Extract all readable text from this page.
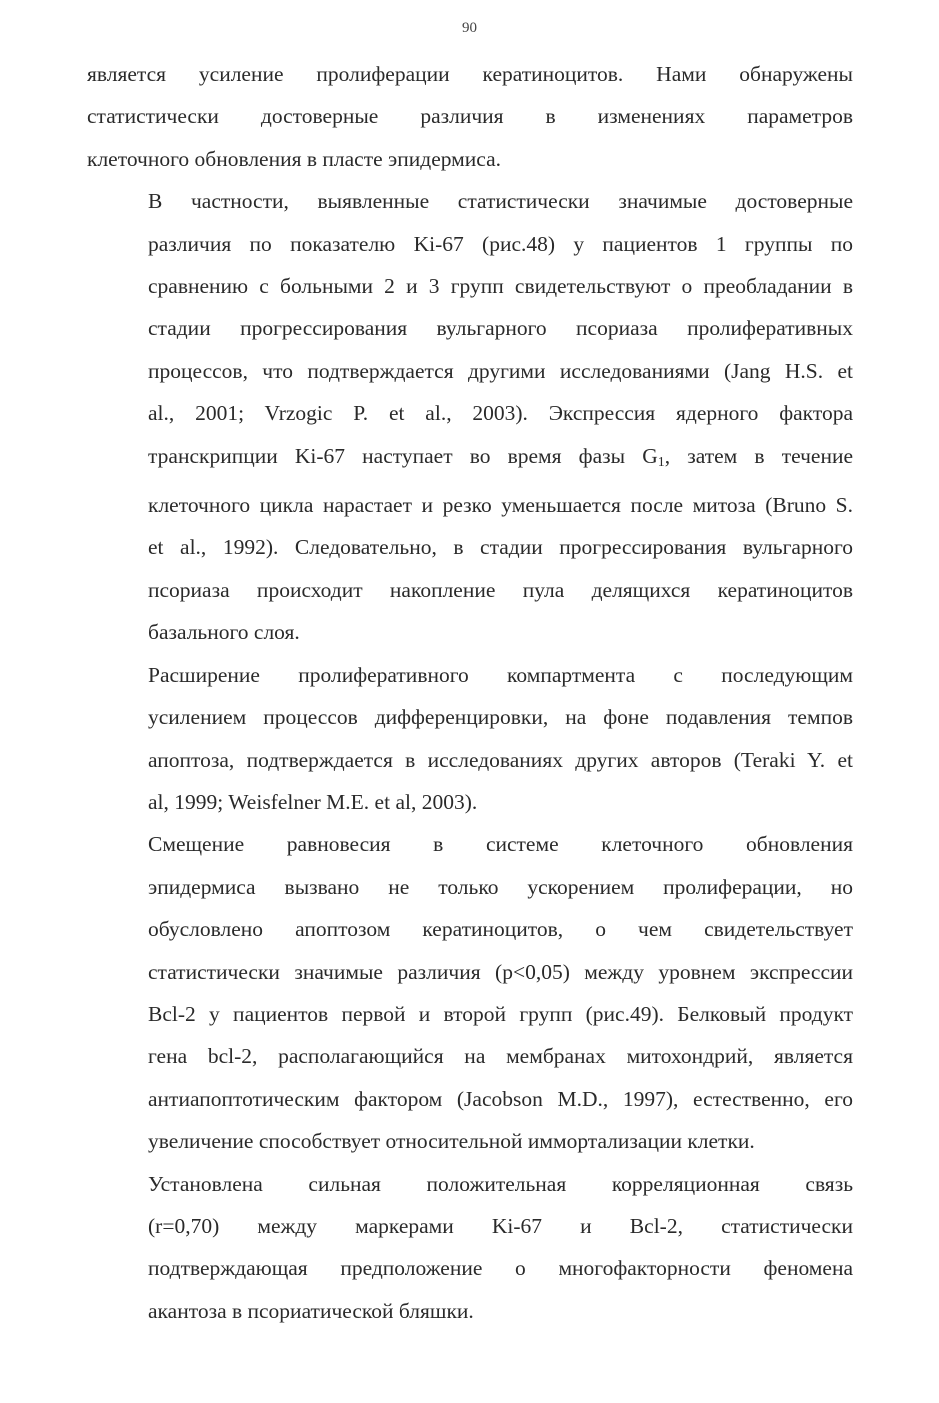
90

является усиление пролиферации кератиноцитов. Нами обнаружены
статистически достоверные различия в изменениях параметров
клеточного обновления в пласте эпидермиса.

В частности, выявленные статистически значимые достоверные
различия по показателю Ki-67 (рис.48) у пациентов 1 группы по
сравнению с больными 2 и 3 групп свидетельствуют о преобладании в
стадии прогрессирования вульгарного псориаза пролиферативных
процессов, что подтверждается другими исследованиями (Jang H.S. et
al., 2001; Vrzogic P. et al., 2003). Экспрессия ядерного фактора
транскрипции Ki-67 наступает во время фазы $G_1$, затем в течение
клеточного цикла нарастает и резко уменьшается после митоза (Bruno S.
et al., 1992). Следовательно, в стадии прогрессирования вульгарного
псориаза происходит накопление пула делящихся кератиноцитов
базального слоя.

Расширение пролиферативного компартмента с последующим
усилением процессов дифференцировки, на фоне подавления темпов
апоптоза, подтверждается в исследованиях других авторов (Teraki Y. et
al, 1999; Weisfelner M.E. et al, 2003).

Смещение равновесия в системе клеточного обновления
эпидермиса вызвано не только ускорением пролиферации, но
обусловлено апоптозом кератиноцитов, о чем свидетельствует
статистически значимые различия (p<0,05) между уровнем экспрессии
Bcl-2 у пациентов первой и второй групп (рис.49). Белковый продукт
гена bcl-2, располагающийся на мембранах митохондрий, является
антиапоптотическим фактором (Jacobson M.D., 1997), естественно, его
увеличение способствует относительной иммортализации клетки.

Установлена сильная положительная корреляционная связь
(r=0,70) между маркерами Ki-67 и Bcl-2, статистически
подтверждающая предположение о многофакторности феномена
акантоза в псориатической бляшки.
